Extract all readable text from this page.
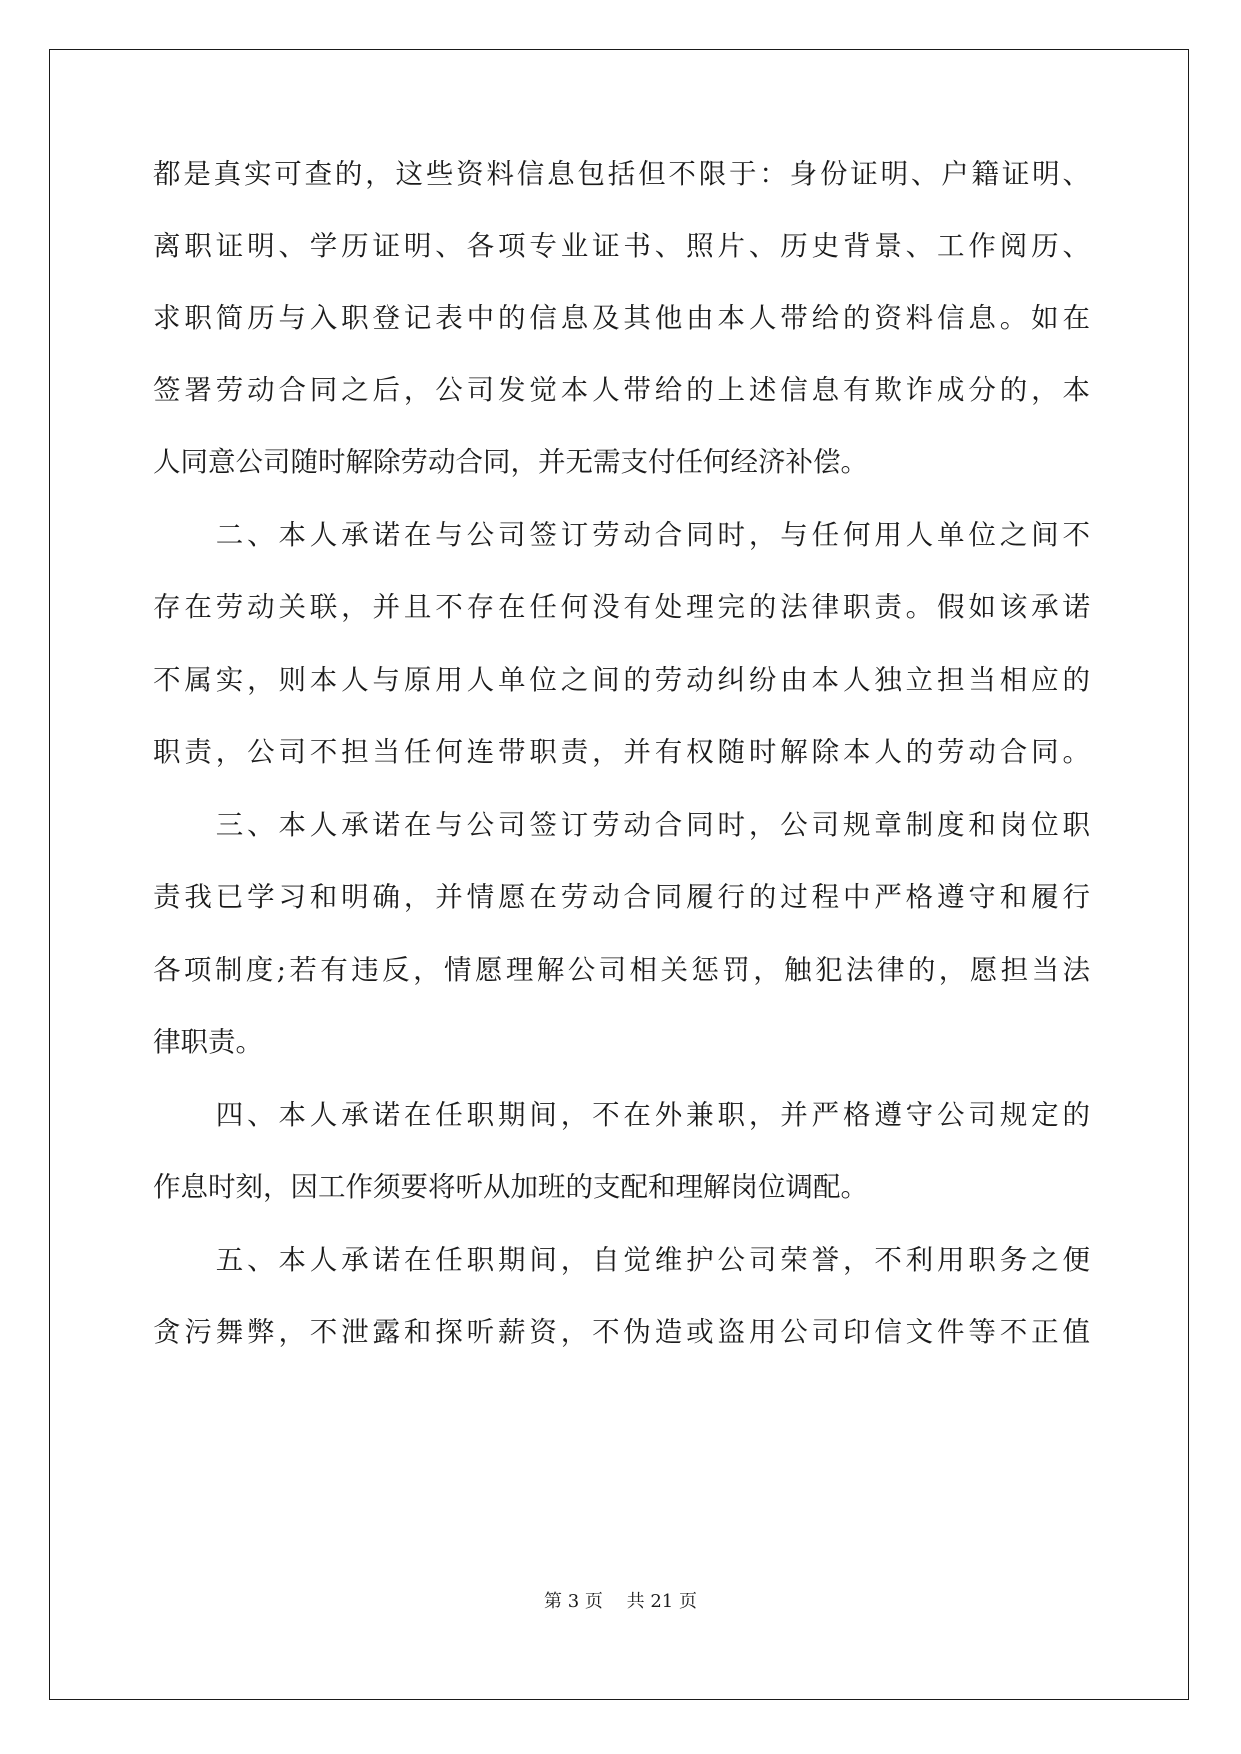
都是真实可查的，这些资料信息包括但不限于：身份证明、户籍证明、
离职证明、学历证明、各项专业证书、照片、历史背景、工作阅历、
求职简历与入职登记表中的信息及其他由本人带给的资料信息。如在
签署劳动合同之后，公司发觉本人带给的上述信息有欺诈成分的，本
人同意公司随时解除劳动合同，并无需支付任何经济补偿。
　　二、本人承诺在与公司签订劳动合同时，与任何用人单位之间不
存在劳动关联，并且不存在任何没有处理完的法律职责。假如该承诺
不属实，则本人与原用人单位之间的劳动纠纷由本人独立担当相应的
职责，公司不担当任何连带职责，并有权随时解除本人的劳动合同。
　　三、本人承诺在与公司签订劳动合同时，公司规章制度和岗位职
责我已学习和明确，并情愿在劳动合同履行的过程中严格遵守和履行
各项制度;若有违反，情愿理解公司相关惩罚，触犯法律的，愿担当法
律职责。
　　四、本人承诺在任职期间，不在外兼职，并严格遵守公司规定的
作息时刻，因工作须要将听从加班的支配和理解岗位调配。
　　五、本人承诺在任职期间，自觉维护公司荣誉，不利用职务之便
贪污舞弊，不泄露和探听薪资，不伪造或盗用公司印信文件等不正值
第 3 页　 共 21 页
